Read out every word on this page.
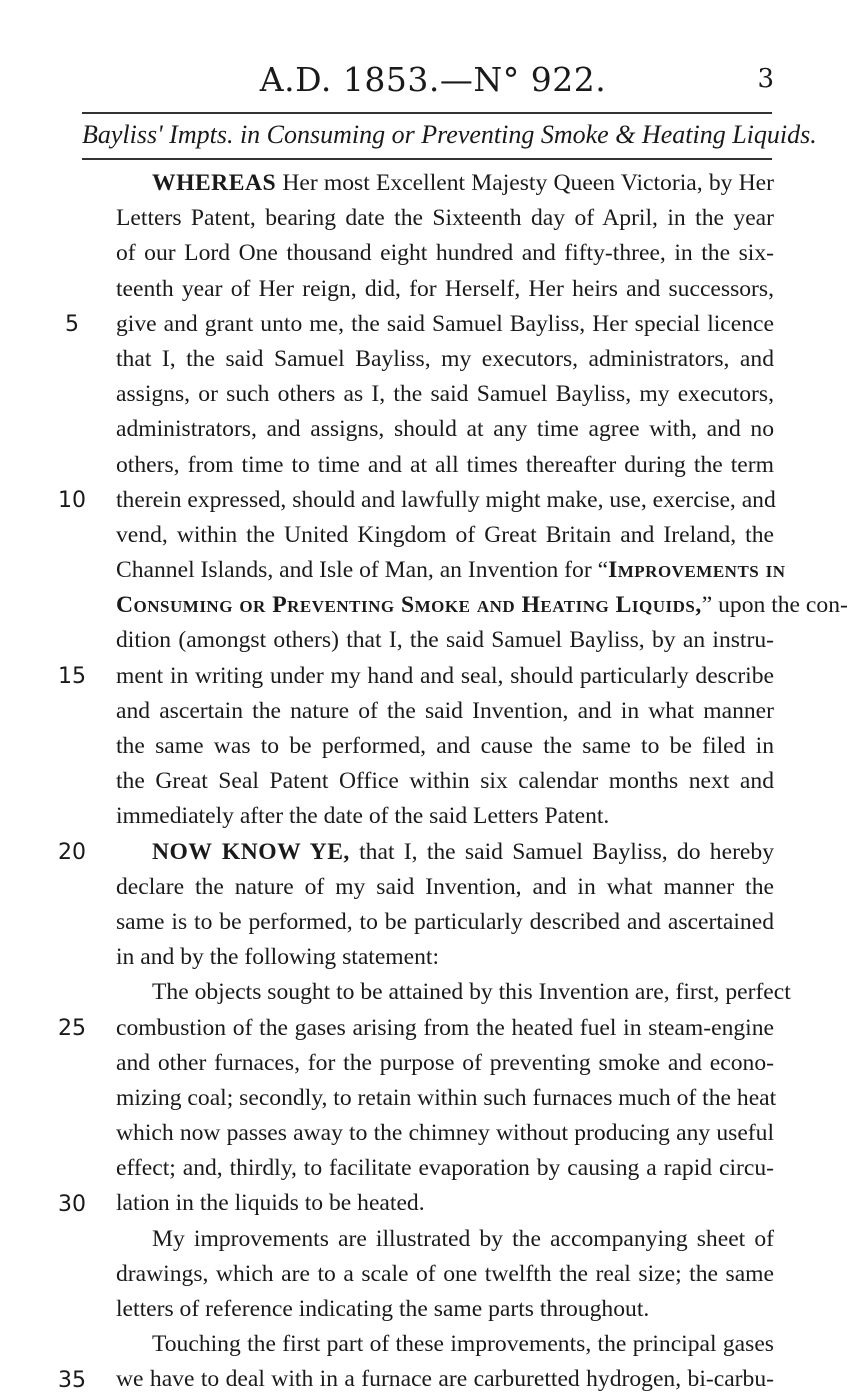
A.D. 1853.—N° 922.	3
Bayliss' Impts. in Consuming or Preventing Smoke & Heating Liquids.
5
10
15
20
25
30
35
WHEREAS Her most Excellent Majesty Queen Victoria, by Her
Letters Patent, bearing date the Sixteenth day of April, in the year
of our Lord One thousand eight hundred and fifty-three, in the six-
teenth year of Her reign, did, for Herself, Her heirs and successors,
give and grant unto me, the said Samuel Bayliss, Her special licence
that I, the said Samuel Bayliss, my executors, administrators, and
assigns, or such others as I, the said Samuel Bayliss, my executors,
administrators, and assigns, should at any time agree with, and no
others, from time to time and at all times thereafter during the term
therein expressed, should and lawfully might make, use, exercise, and
vend, within the United Kingdom of Great Britain and Ireland, the
Channel Islands, and Isle of Man, an Invention for “Improvements in
Consuming or Preventing Smoke and Heating Liquids,” upon the con-
dition (amongst others) that I, the said Samuel Bayliss, by an instru-
ment in writing under my hand and seal, should particularly describe
and ascertain the nature of the said Invention, and in what manner
the same was to be performed, and cause the same to be filed in
the Great Seal Patent Office within six calendar months next and
immediately after the date of the said Letters Patent.
NOW KNOW YE, that I, the said Samuel Bayliss, do hereby
declare the nature of my said Invention, and in what manner the
same is to be performed, to be particularly described and ascertained
in and by the following statement:
The objects sought to be attained by this Invention are, first, perfect
combustion of the gases arising from the heated fuel in steam-engine
and other furnaces, for the purpose of preventing smoke and econo-
mizing coal; secondly, to retain within such furnaces much of the heat
which now passes away to the chimney without producing any useful
effect; and, thirdly, to facilitate evaporation by causing a rapid circu-
lation in the liquids to be heated.
My improvements are illustrated by the accompanying sheet of
drawings, which are to a scale of one twelfth the real size; the same
letters of reference indicating the same parts throughout.
Touching the first part of these improvements, the principal gases
we have to deal with in a furnace are carburetted hydrogen, bi-carbu-
